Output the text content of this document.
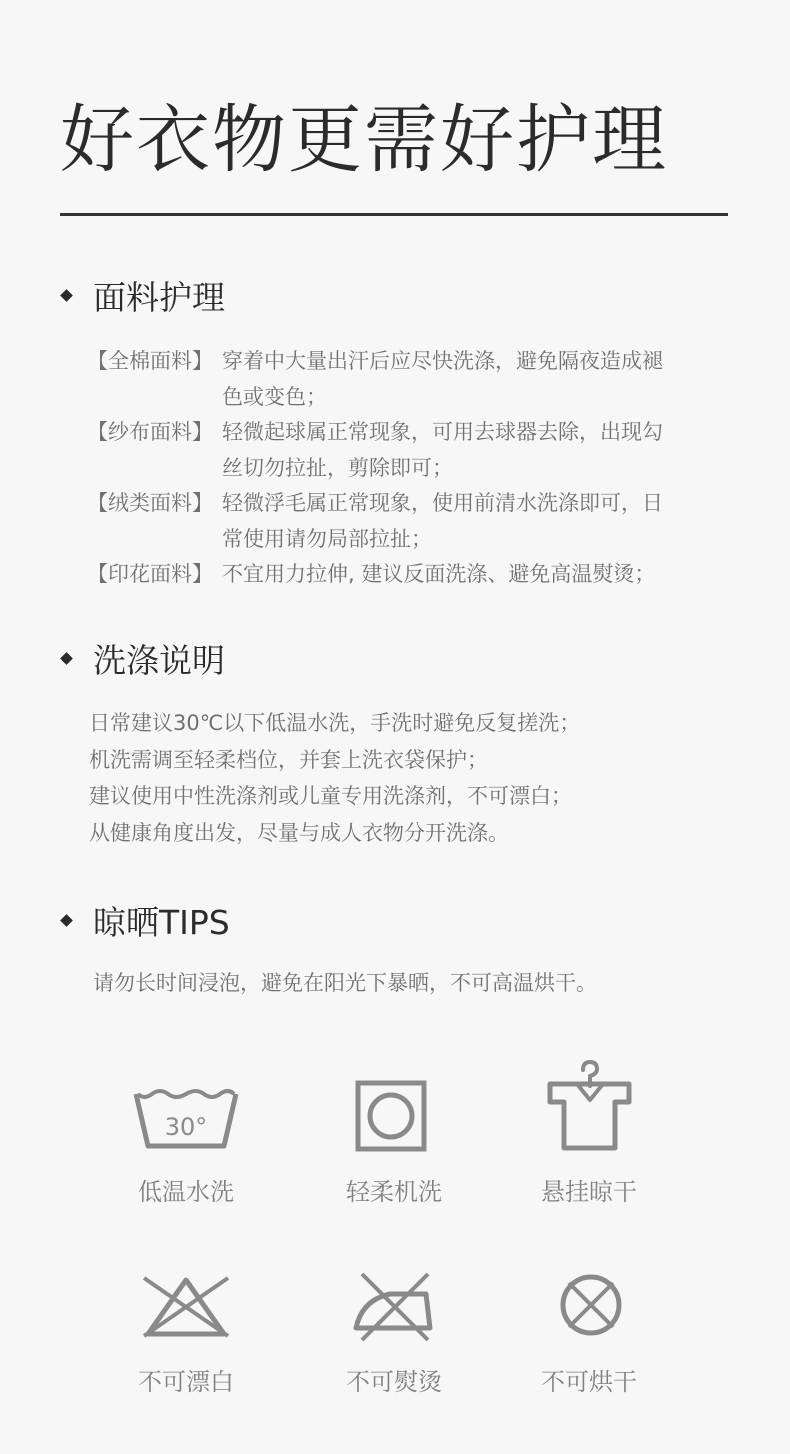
好衣物更需好护理
面料护理
【全棉面料】 穿着中大量出汗后应尽快洗涤，避免隔夜造成褪
色或变色；
【纱布面料】 轻微起球属正常现象，可用去球器去除，出现勾
丝切勿拉扯，剪除即可；
【绒类面料】 轻微浮毛属正常现象，使用前清水洗涤即可，日
常使用请勿局部拉扯；
【印花面料】 不宜用力拉伸, 建议反面洗涤、避免高温熨烫；
洗涤说明
日常建议30℃以下低温水洗，手洗时避免反复搓洗；
机洗需调至轻柔档位，并套上洗衣袋保护；
建议使用中性洗涤剂或儿童专用洗涤剂，不可漂白；
从健康角度出发，尽量与成人衣物分开洗涤。
晾晒TIPS
请勿长时间浸泡，避免在阳光下暴晒，不可高温烘干。
30°
低温水洗	轻柔机洗	悬挂晾干
不可漂白	不可熨烫	不可烘干
